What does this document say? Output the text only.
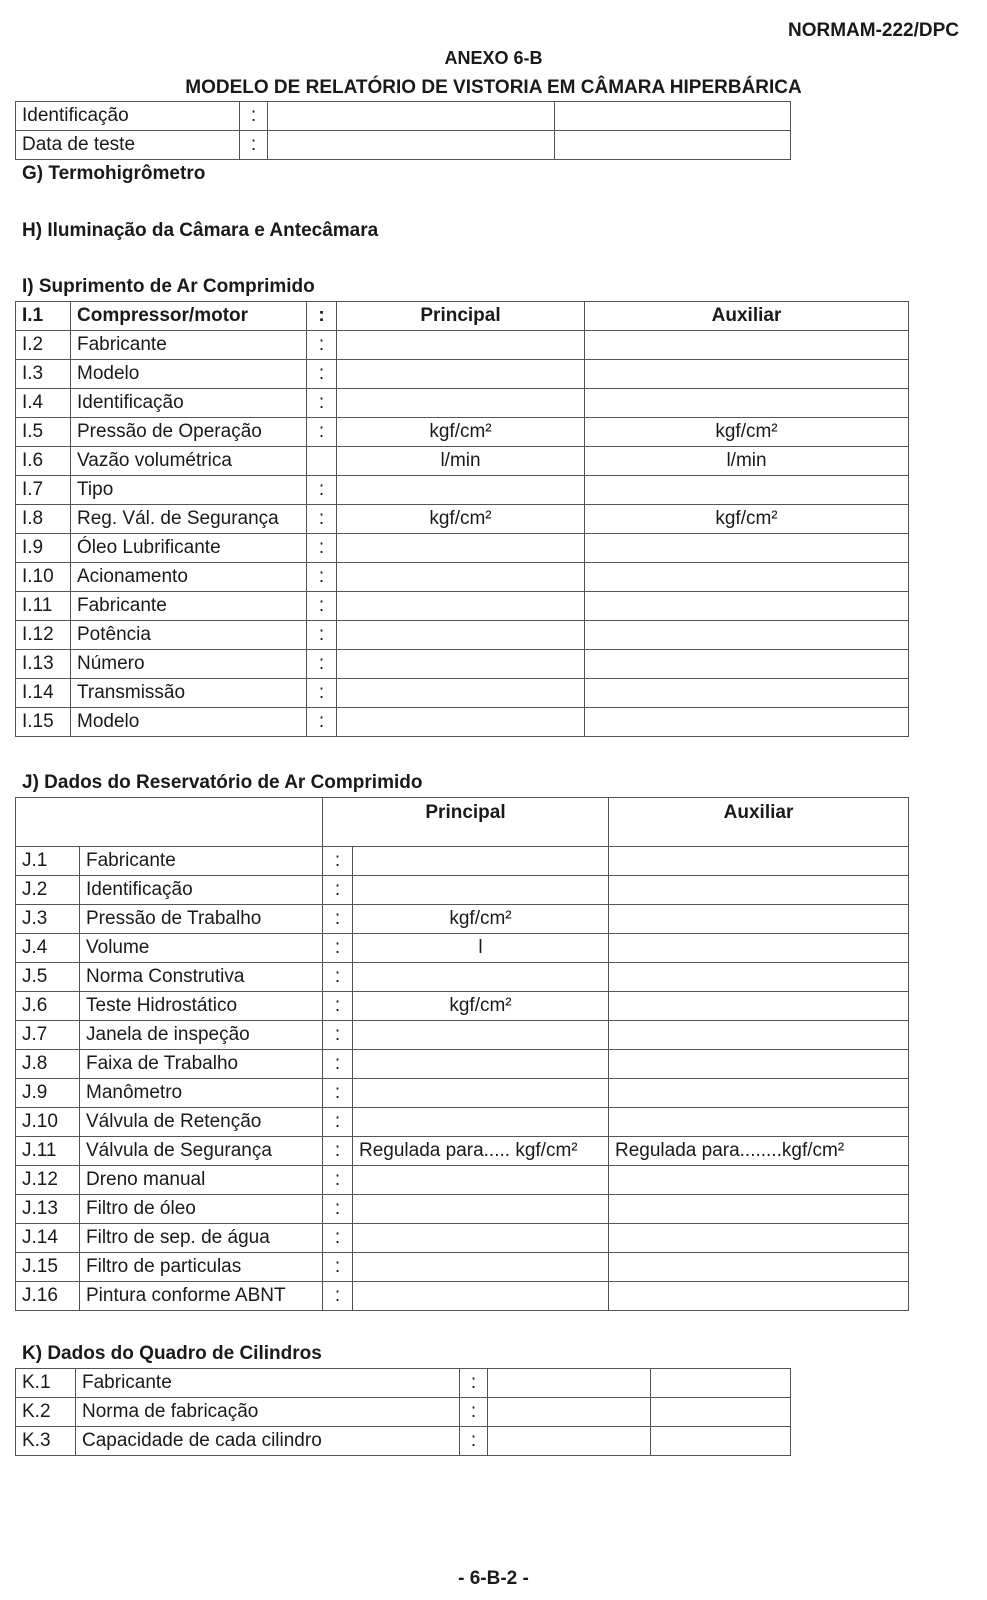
NORMAM-222/DPC
ANEXO 6-B
MODELO DE RELATÓRIO DE VISTORIA EM CÂMARA HIPERBÁRICA
Identificação	:		
Data de teste	:		
G) Termohigrômetro
H) Iluminação da Câmara e Antecâmara
I) Suprimento de Ar Comprimido
I.1	Compressor/motor	:	Principal	Auxiliar
I.2	Fabricante	:		
I.3	Modelo	:		
I.4	Identificação	:		
I.5	Pressão de Operação	:	kgf/cm²	kgf/cm²
I.6	Vazão volumétrica		l/min	l/min
I.7	Tipo	:		
I.8	Reg. Vál. de Segurança	:	kgf/cm²	kgf/cm²
I.9	Óleo Lubrificante	:		
I.10	Acionamento	:		
I.11	Fabricante	:		
I.12	Potência	:		
I.13	Número	:		
I.14	Transmissão	:		
I.15	Modelo	:		
J) Dados do Reservatório de Ar Comprimido
		Principal		Auxiliar
J.1	Fabricante	:		
J.2	Identificação	:		
J.3	Pressão de Trabalho	:	kgf/cm²	
J.4	Volume	:	l	
J.5	Norma Construtiva	:		
J.6	Teste Hidrostático	:	kgf/cm²	
J.7	Janela de inspeção	:		
J.8	Faixa de Trabalho	:		
J.9	Manômetro	:		
J.10	Válvula de Retenção	:		
J.11	Válvula de Segurança	:	Regulada para..... kgf/cm²	Regulada para........kgf/cm²
J.12	Dreno manual	:		
J.13	Filtro de óleo	:		
J.14	Filtro de sep. de água	:		
J.15	Filtro de particulas	:		
J.16	Pintura conforme ABNT	:		
K) Dados do Quadro de Cilindros
K.1	Fabricante	:		
K.2	Norma de fabricação	:		
K.3	Capacidade de cada cilindro	:		
- 6-B-2 -
